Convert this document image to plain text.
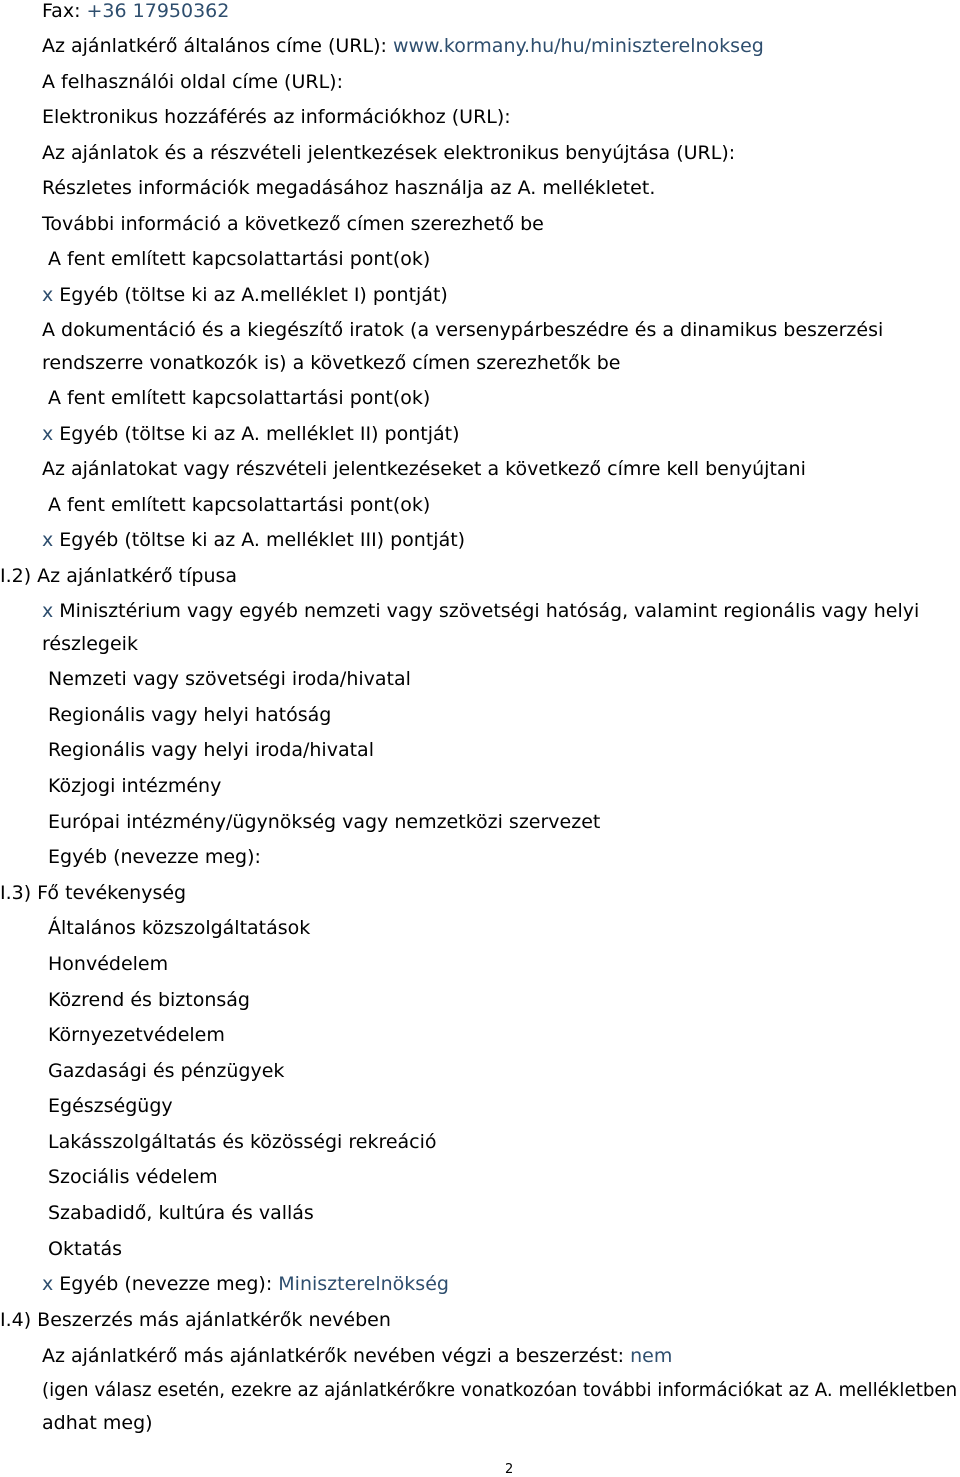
Fax: +36 17950362
Az ajánlatkérő általános címe (URL): www.kormany.hu/hu/miniszterelnokseg
A felhasználói oldal címe (URL):
Elektronikus hozzáférés az információkhoz (URL):
Az ajánlatok és a részvételi jelentkezések elektronikus benyújtása (URL):
Részletes információk megadásához használja az A. mellékletet.
További információ a következő címen szerezhető be
A fent említett kapcsolattartási pont(ok)
x Egyéb (töltse ki az A.melléklet I) pontját)
A dokumentáció és a kiegészítő iratok (a versenypárbeszédre és a dinamikus beszerzési
rendszerre vonatkozók is) a következő címen szerezhetők be
A fent említett kapcsolattartási pont(ok)
x Egyéb (töltse ki az A. melléklet II) pontját)
Az ajánlatokat vagy részvételi jelentkezéseket a következő címre kell benyújtani
A fent említett kapcsolattartási pont(ok)
x Egyéb (töltse ki az A. melléklet III) pontját)
I.2) Az ajánlatkérő típusa
x Minisztérium vagy egyéb nemzeti vagy szövetségi hatóság, valamint regionális vagy helyi
részlegeik
Nemzeti vagy szövetségi iroda/hivatal
Regionális vagy helyi hatóság
Regionális vagy helyi iroda/hivatal
Közjogi intézmény
Európai intézmény/ügynökség vagy nemzetközi szervezet
Egyéb (nevezze meg):
I.3) Fő tevékenység
Általános közszolgáltatások
Honvédelem
Közrend és biztonság
Környezetvédelem
Gazdasági és pénzügyek
Egészségügy
Lakásszolgáltatás és közösségi rekreáció
Szociális védelem
Szabadidő, kultúra és vallás
Oktatás
x Egyéb (nevezze meg): Miniszterelnökség
I.4) Beszerzés más ajánlatkérők nevében
Az ajánlatkérő más ajánlatkérők nevében végzi a beszerzést: nem
(igen válasz esetén, ezekre az ajánlatkérőkre vonatkozóan további információkat az A. mellékletben
adhat meg)
2
